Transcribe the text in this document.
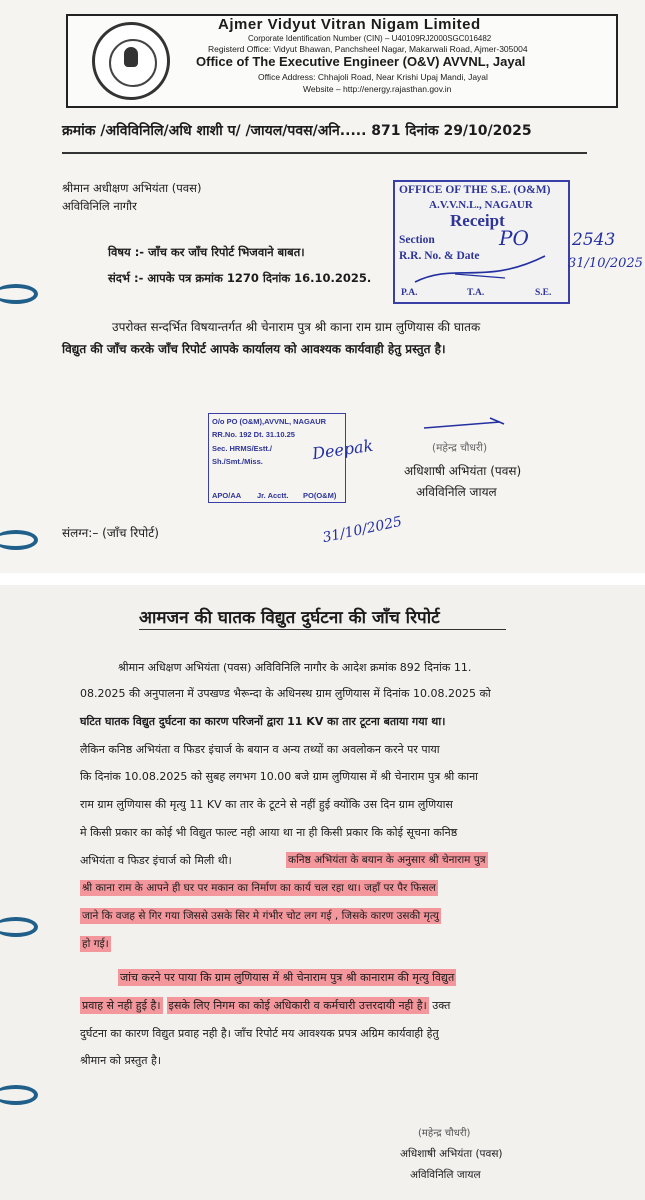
Ajmer Vidyut Vitran Nigam Limited
Corporate Identification Number (CIN) – U40109RJ2000SGC016482
Registerd Office: Vidyut Bhawan, Panchsheel Nagar, Makarwali Road, Ajmer-305004
Office of The Executive Engineer (O&V) AVVNL, Jayal
Office Address: Chhajoli Road, Near Krishi Upaj Mandi, Jayal
Website – http://energy.rajasthan.gov.in
क्रमांक /अविविनिलि/अधि शाशी प/ /जायल/पवस/अनि..... 871 दिनांक 29/10/2025
श्रीमान अधीक्षण अभियंता (पवस)
अविविनिलि नागौर
विषय :- जाँच कर जाँच रिपोर्ट भिजवाने बाबत।
संदर्भ :- आपके पत्र क्रमांक 1270 दिनांक 16.10.2025.
उपरोक्त सन्दर्भित विषयान्तर्गत श्री चेनाराम पुत्र श्री काना राम ग्राम लुणियास की घातक
विद्युत की जाँच करके जाँच रिपोर्ट आपके कार्यालय को आवश्यक कार्यवाही हेतु प्रस्तुत है।
OFFICE OF THE S.E. (O&M)
A.V.V.N.L., NAGAUR
Receipt
Section
R.R. No. & Date
PO
P.A.	T.A.	S.E.
2543
31/10/2025
O/o PO (O&M),AVVNL, NAGAUR
RR.No. 192 Dt. 31.10.25
Sec. HRMS/Estt./
Sh./Smt./Miss.
APO/AA Jr. Acctt. PO(O&M)
Deepak
31/10/2025
(महेन्द्र चौधरी)
अधिशाषी अभियंता (पवस)
अविविनिलि जायल
संलग्न:– (जाँच रिपोर्ट)
आमजन की घातक विद्युत दुर्घटना की जाँच रिपोर्ट
श्रीमान अधिक्षण अभियंता (पवस) अविविनिलि नागौर के आदेश क्रमांक 892 दिनांक 11.
08.2025 की अनुपालना में उपखण्ड भैरून्दा के अधिनस्थ ग्राम लुणियास में दिनांक 10.08.2025 को
घटित घातक विद्युत दुर्घटना का कारण परिजनों द्वारा 11 KV का तार टूटना बताया गया था।
लैकिन कनिष्ठ अभियंता व फिडर इंचार्ज के बयान व अन्य तथ्यों का अवलोकन करने पर पाया
कि दिनांक 10.08.2025 को सुबह लगभग 10.00 बजे ग्राम लुणियास में श्री चेनाराम पुत्र श्री काना
राम ग्राम लुणियास की मृत्यु 11 KV का तार के टूटने से नहीं हुई क्योंकि उस दिन ग्राम लुणियास
मे किसी प्रकार का कोई भी विद्युत फाल्ट नही आया था ना ही किसी प्रकार कि कोई सूचना कनिष्ठ
अभियंता व फिडर इंचार्ज को मिली थी।	कनिष्ठ अभियंता के बयान के अनुसार श्री चेनाराम पुत्र
श्री काना राम के आपने ही घर पर मकान का निर्माण का कार्य चल रहा था। जहाँ पर पैर फिसल
जाने कि वजह से गिर गया जिससे उसके सिर मे गंभीर चोट लग गई , जिसके कारण उसकी मृत्यु
हो गई।
जांच करने पर पाया कि ग्राम लुणियास में श्री चेनाराम पुत्र श्री कानाराम की मृत्यु विद्युत
प्रवाह से नही हुई है। इसके लिए निगम का कोई अधिकारी व कर्मचारी उत्तरदायी नही है। उक्त
दुर्घटना का कारण विद्युत प्रवाह नही है। जाँच रिपोर्ट मय आवश्यक प्रपत्र अग्रिम कार्यवाही हेतु
श्रीमान को प्रस्तुत है।
(महेन्द्र चौधरी)
अधिशाषी अभियंता (पवस)
अविविनिलि जायल
